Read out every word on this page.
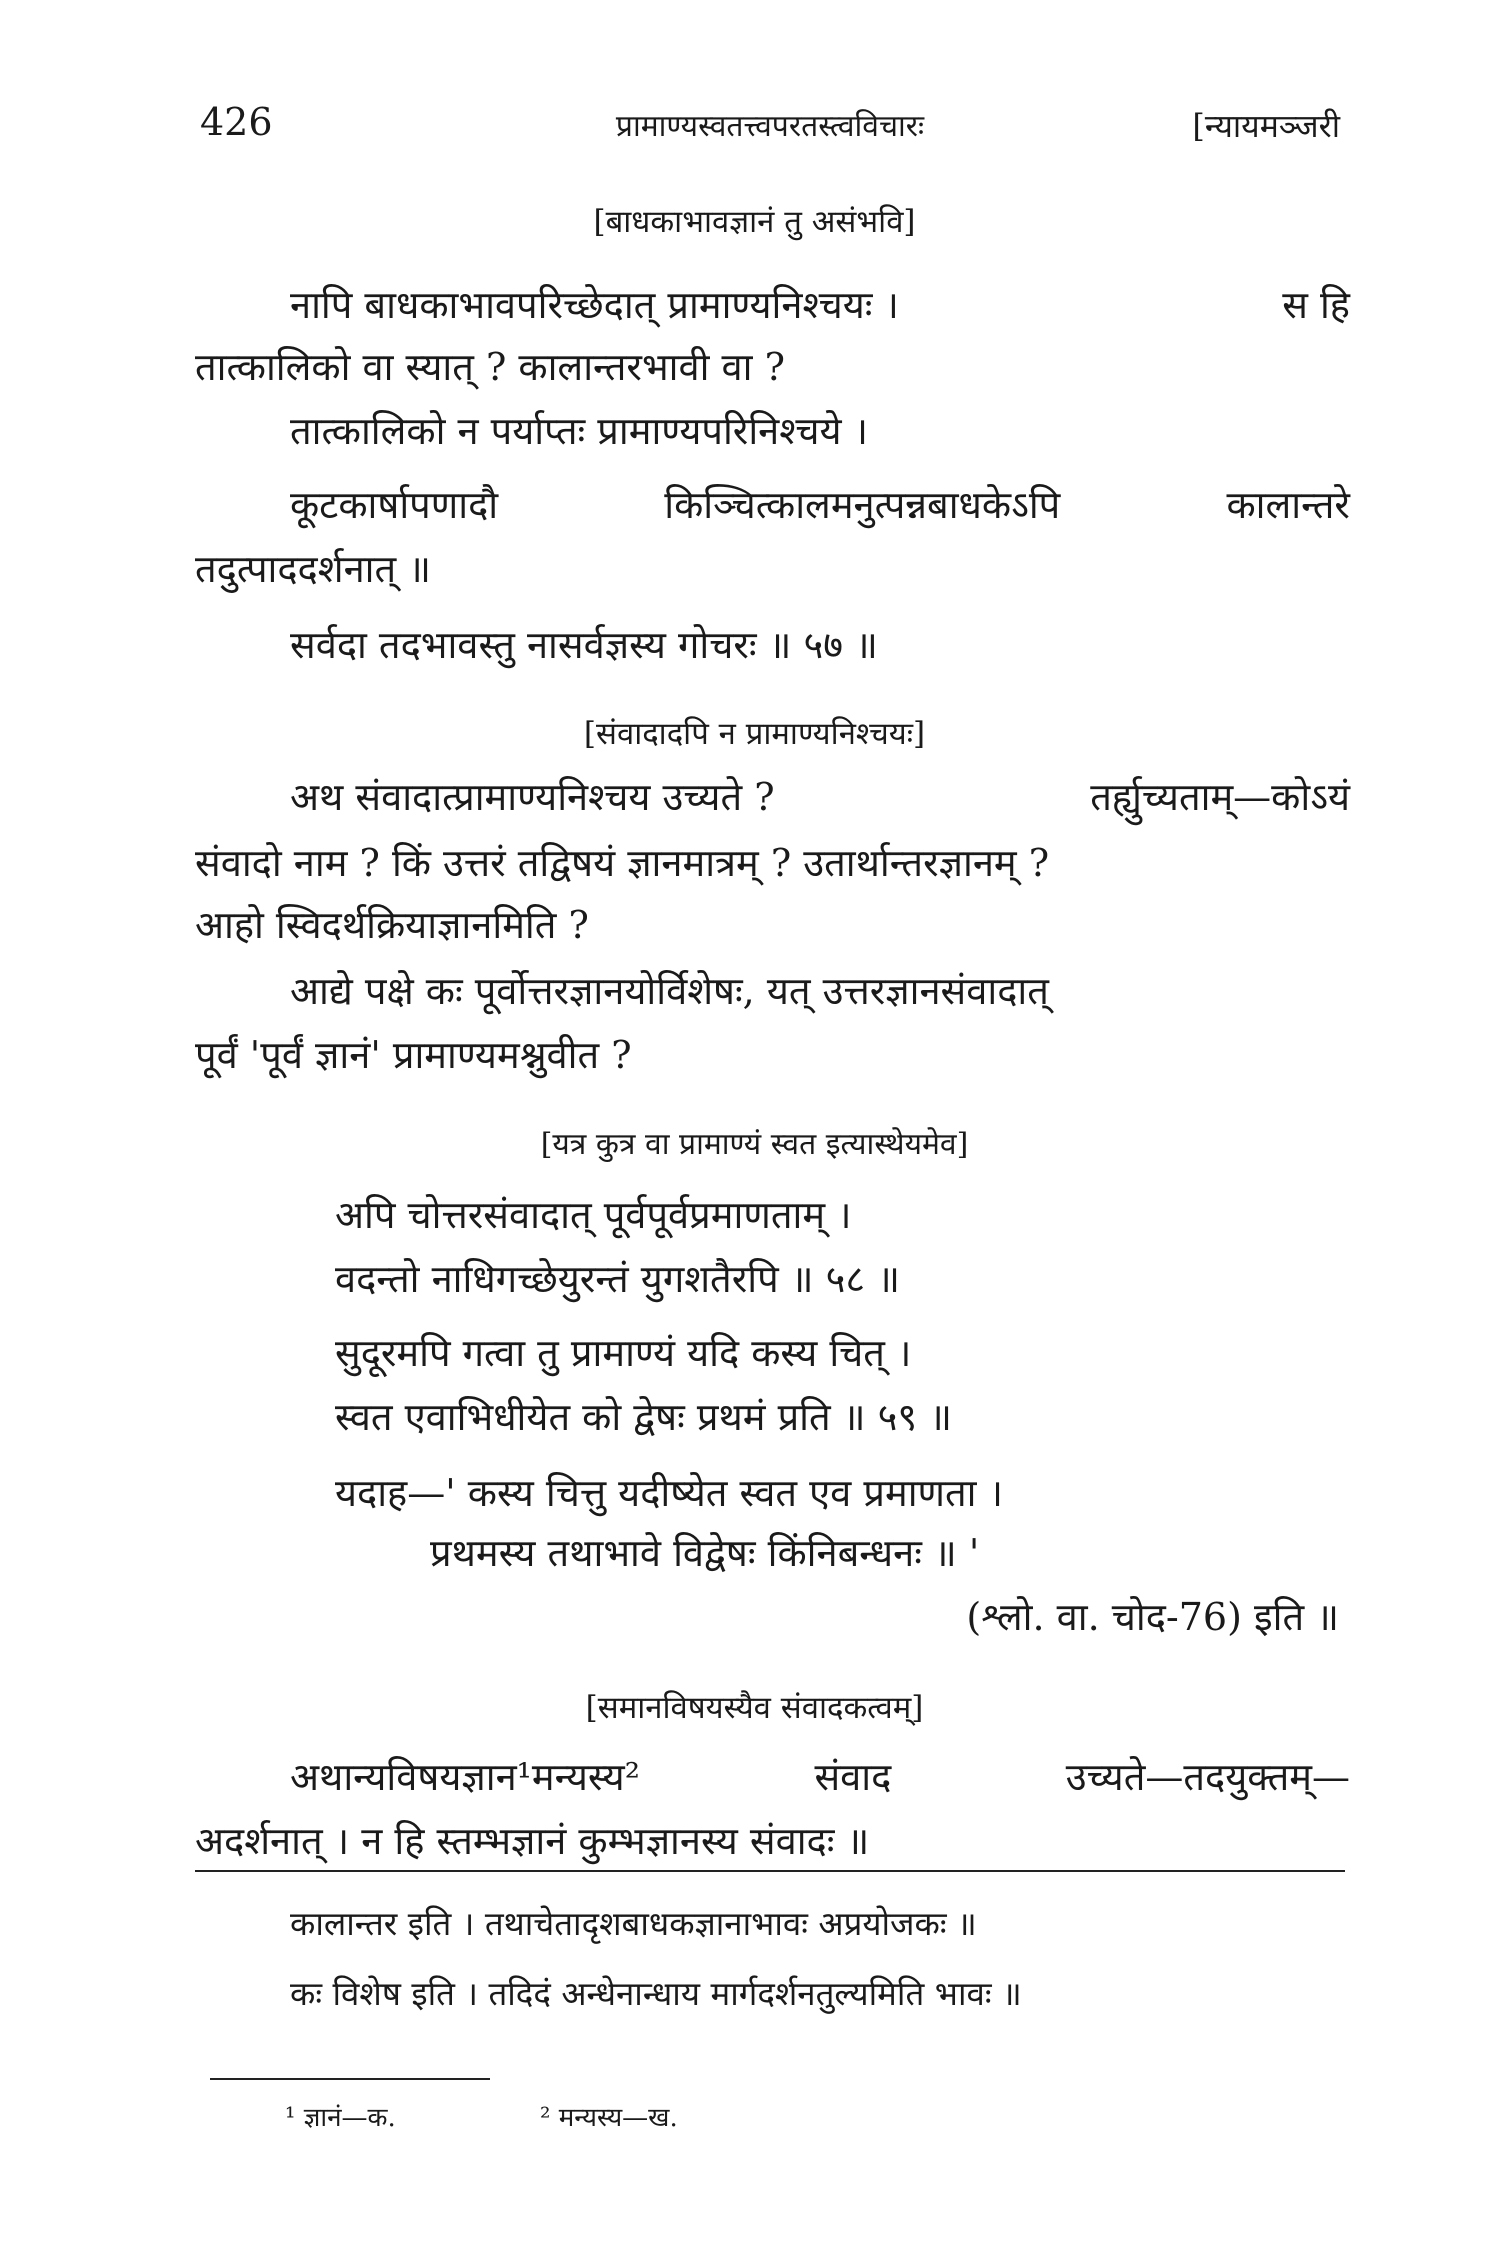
426	प्रामाण्यस्वतत्त्वपरतस्त्वविचारः	[न्यायमञ्जरी
[बाधकाभावज्ञानं तु असंभवि]
नापि बाधकाभावपरिच्छेदात् प्रामाण्यनिश्चयः ।	स हि
तात्कालिको वा स्यात् ? कालान्तरभावी वा ?
तात्कालिको न पर्याप्तः प्रामाण्यपरिनिश्चये ।
कूटकार्षापणादौ	किञ्चित्कालमनुत्पन्नबाधकेऽपि	कालान्तरे
तदुत्पाददर्शनात् ॥
सर्वदा तदभावस्तु नासर्वज्ञस्य गोचरः ॥ ५७ ॥
[संवादादपि न प्रामाण्यनिश्चयः]
अथ संवादात्प्रामाण्यनिश्चय उच्यते ?	तर्ह्युच्यताम्—कोऽयं
संवादो नाम ? किं उत्तरं तद्विषयं ज्ञानमात्रम् ? उतार्थान्तरज्ञानम् ?
आहो स्विदर्थक्रियाज्ञानमिति ?
आद्ये पक्षे कः पूर्वोत्तरज्ञानयोर्विशेषः, यत् उत्तरज्ञानसंवादात्
पूर्वं 'पूर्वं ज्ञानं' प्रामाण्यमश्नुवीत ?
[यत्र कुत्र वा प्रामाण्यं स्वत इत्यास्थेयमेव]
अपि चोत्तरसंवादात् पूर्वपूर्वप्रमाणताम् ।
वदन्तो नाधिगच्छेयुरन्तं युगशतैरपि ॥ ५८ ॥
सुदूरमपि गत्वा तु प्रामाण्यं यदि कस्य चित् ।
स्वत एवाभिधीयेत को द्वेषः प्रथमं प्रति ॥ ५९ ॥
यदाह—' कस्य चित्तु यदीष्येत स्वत एव प्रमाणता ।
प्रथमस्य तथाभावे विद्वेषः किंनिबन्धनः ॥ '
(श्लो. वा. चोद-76) इति ॥
[समानविषयस्यैव संवादकत्वम्]
अथान्यविषयज्ञान¹मन्यस्य²	संवाद	उच्यते—तदयुक्तम्—
अदर्शनात् । न हि स्तम्भज्ञानं कुम्भज्ञानस्य संवादः ॥
कालान्तर इति । तथाचेतादृशबाधकज्ञानाभावः अप्रयोजकः ॥
कः विशेष इति । तदिदं अन्धेनान्धाय मार्गदर्शनतुल्यमिति भावः ॥
¹ ज्ञानं—क.	² मन्यस्य—ख.
